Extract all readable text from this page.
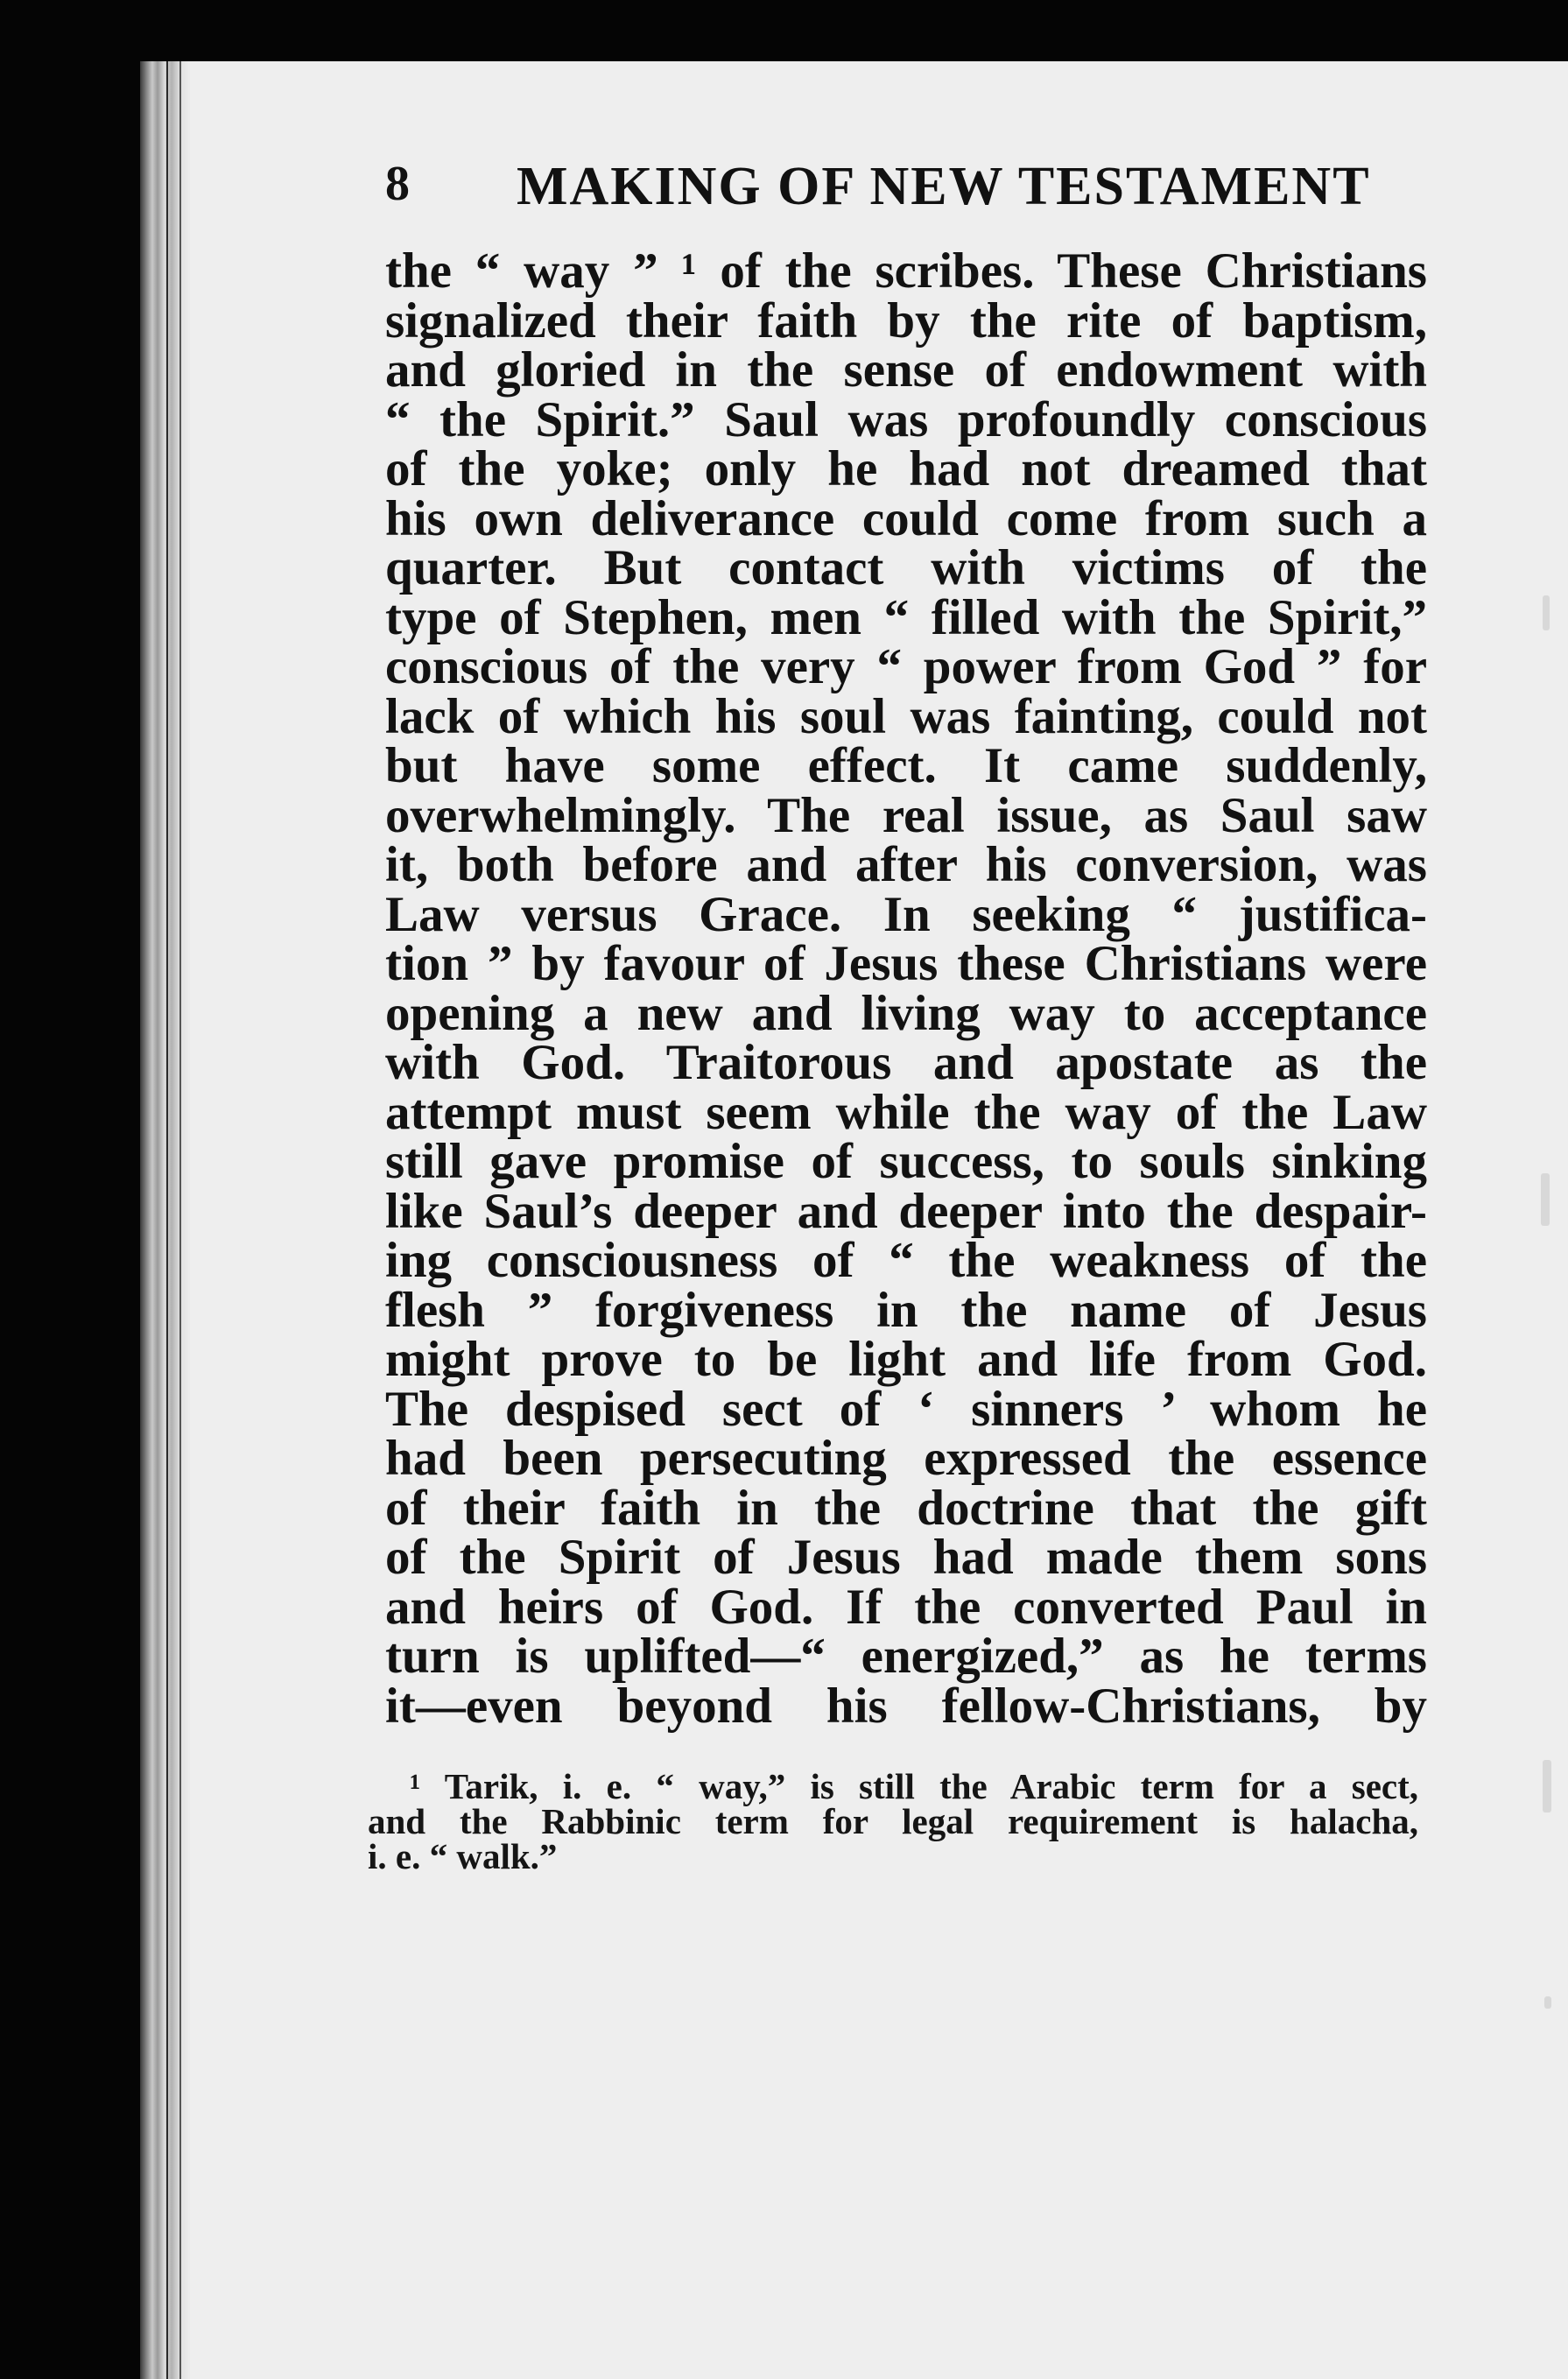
8 MAKING OF NEW TESTAMENT
the “ way ” ¹ of the scribes. These Christians
signalized their faith by the rite of baptism,
and gloried in the sense of endowment with
“ the Spirit.” Saul was profoundly conscious
of the yoke; only he had not dreamed that
his own deliverance could come from such a
quarter. But contact with victims of the
type of Stephen, men “ filled with the Spirit,”
conscious of the very “ power from God ” for
lack of which his soul was fainting, could not
but have some effect. It came suddenly,
overwhelmingly. The real issue, as Saul saw
it, both before and after his conversion, was
Law versus Grace. In seeking “ justifica-
tion ” by favour of Jesus these Christians were
opening a new and living way to acceptance
with God. Traitorous and apostate as the
attempt must seem while the way of the Law
still gave promise of success, to souls sinking
like Saul’s deeper and deeper into the despair-
ing consciousness of “ the weakness of the
flesh ” forgiveness in the name of Jesus
might prove to be light and life from God.
The despised sect of ‘ sinners ’ whom he
had been persecuting expressed the essence
of their faith in the doctrine that the gift
of the Spirit of Jesus had made them sons
and heirs of God. If the converted Paul in
turn is uplifted—“ energized,” as he terms
it—even beyond his fellow-Christians, by
¹ Tarik, i. e. “ way,” is still the Arabic term for a sect,
and the Rabbinic term for legal requirement is halacha,
i. e. “ walk.”
